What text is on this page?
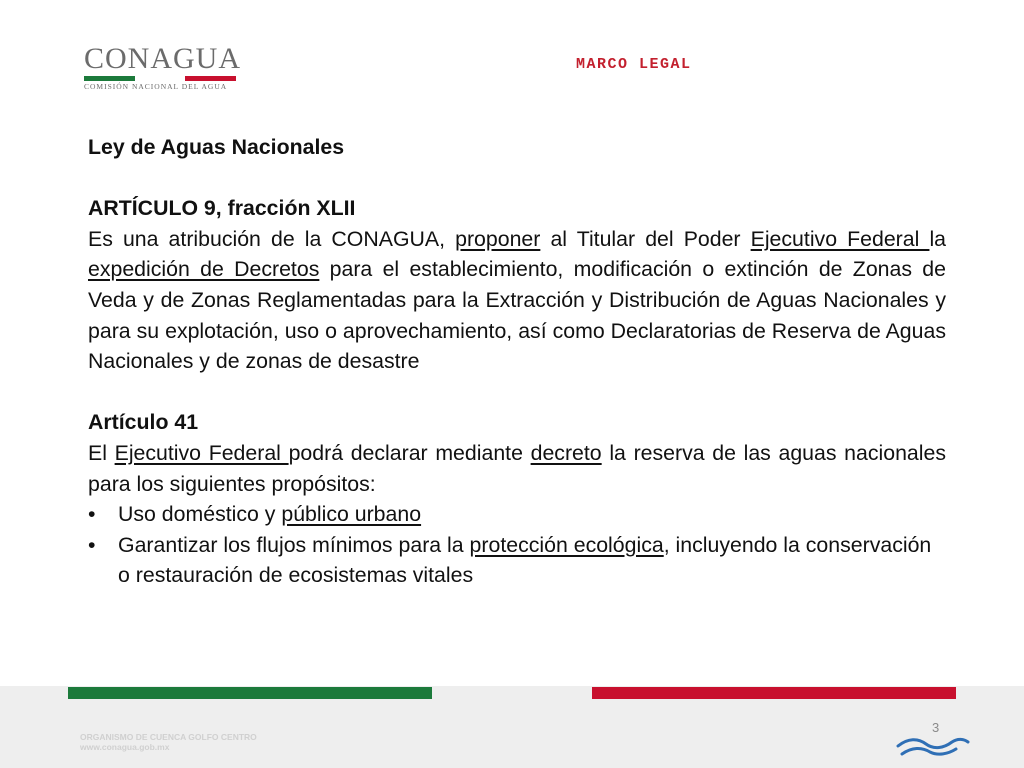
CONAGUA
COMISIÓN NACIONAL DEL AGUA
MARCO LEGAL

Ley de Aguas Nacionales

ARTÍCULO 9, fracción XLII

Es una atribución de la CONAGUA, proponer al Titular del Poder Ejecutivo Federal la expedición de Decretos para el establecimiento, modificación o extinción de Zonas de Veda y de Zonas Reglamentadas para la Extracción y Distribución de Aguas Nacionales y para su explotación, uso o aprovechamiento, así como Declaratorias de Reserva de Aguas Nacionales y de zonas de desastre

Artículo 41

El Ejecutivo Federal podrá declarar mediante decreto la reserva de las aguas nacionales para los siguientes propósitos:

•	Uso doméstico y público urbano
•	Garantizar los flujos mínimos para la protección ecológica, incluyendo la conservación o restauración de ecosistemas vitales
ORGANISMO DE CUENCA GOLFO CENTRO
www.conagua.gob.mx
3
